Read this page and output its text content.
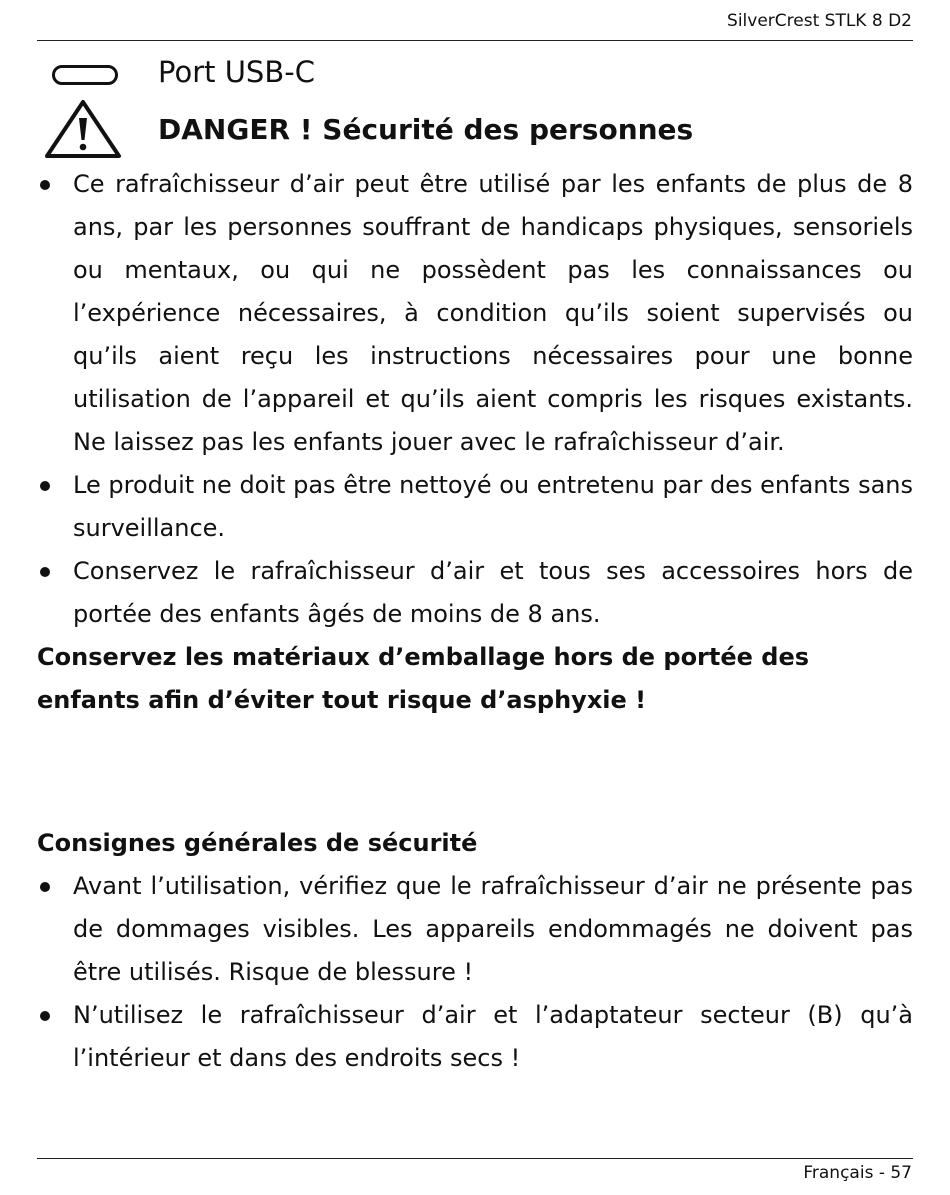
SilverCrest STLK 8 D2
Port USB-C
DANGER ! Sécurité des personnes
Ce rafraîchisseur d’air peut être utilisé par les enfants de plus de 8 ans, par les personnes souffrant de handicaps physiques, sensoriels ou mentaux, ou qui ne possèdent pas les connaissances ou l’expérience nécessaires, à condition qu’ils soient supervisés ou qu’ils aient reçu les instructions nécessaires pour une bonne utilisation de l’appareil et qu’ils aient compris les risques existants. Ne laissez pas les enfants jouer avec le rafraîchisseur d’air.
Le produit ne doit pas être nettoyé ou entretenu par des enfants sans surveillance.
Conservez le rafraîchisseur d’air et tous ses accessoires hors de portée des enfants âgés de moins de 8 ans.

Conservez les matériaux d’emballage hors de portée des enfants afin d’éviter tout risque d’asphyxie !

Consignes générales de sécurité
Avant l’utilisation, vérifiez que le rafraîchisseur d’air ne présente pas de dommages visibles. Les appareils endommagés ne doivent pas être utilisés. Risque de blessure !
N’utilisez le rafraîchisseur d’air et l’adaptateur secteur (B) qu’à l’intérieur et dans des endroits secs !
Français - 57
